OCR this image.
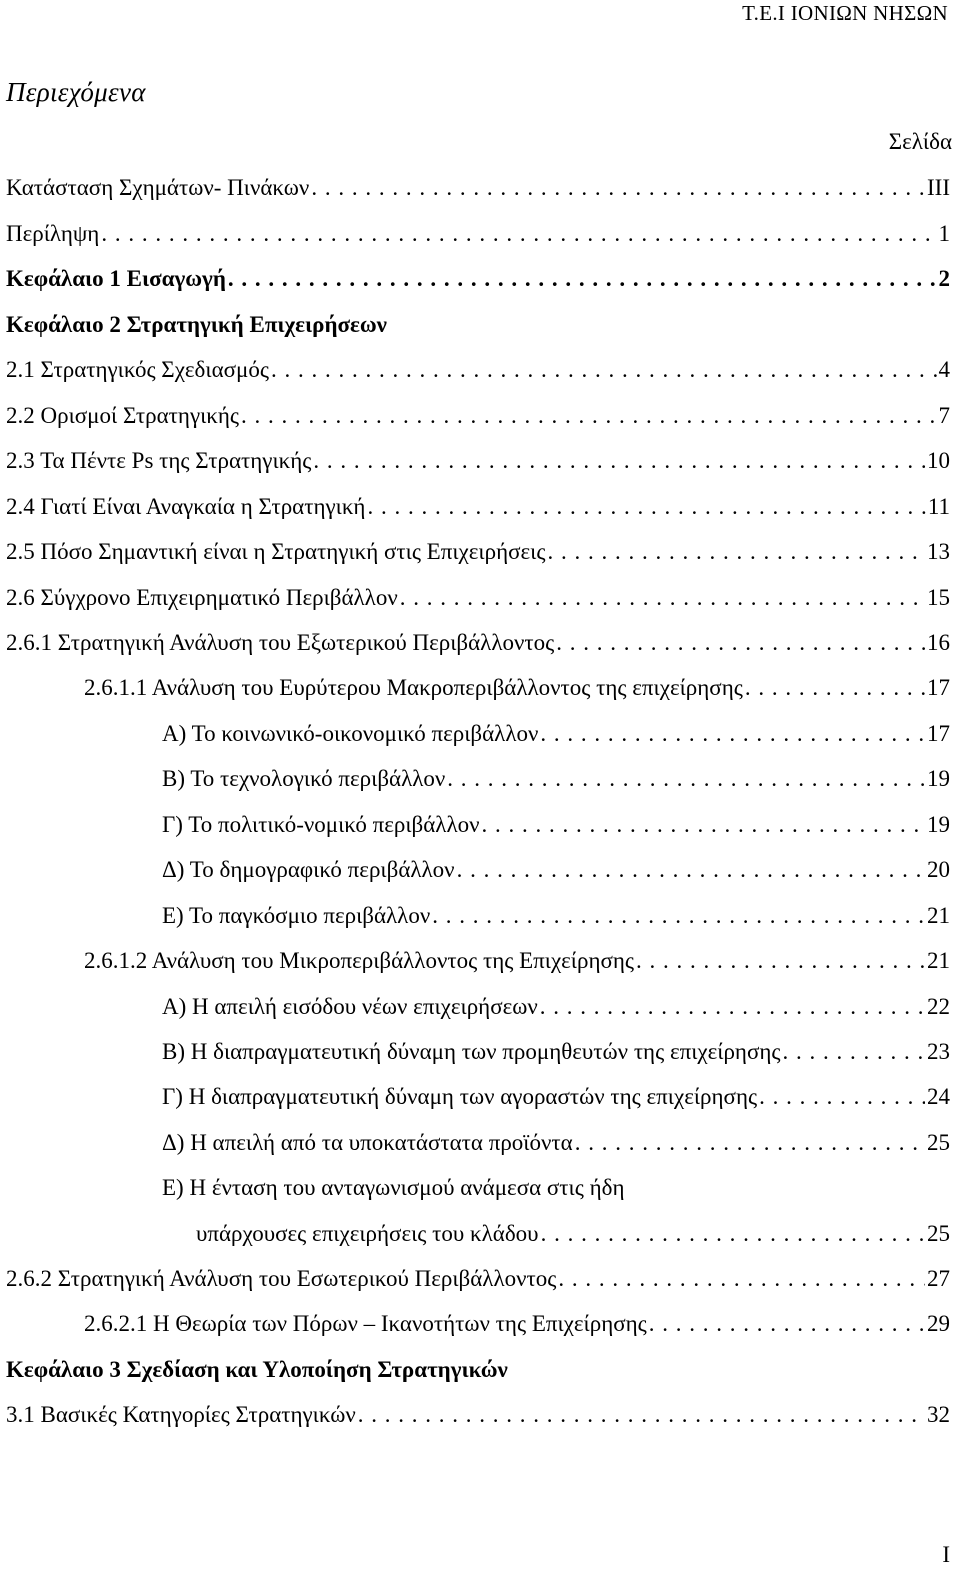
Τ.Ε.Ι ΙΟΝΙΩΝ ΝΗΣΩΝ
Περιεχόμενα
Σελίδα
Κατάσταση Σχημάτων- Πινάκων . . .	III
Περίληψη . . .	1
Κεφάλαιο 1 Εισαγωγή . . .	2
Κεφάλαιο 2 Στρατηγική Επιχειρήσεων
2.1 Στρατηγικός Σχεδιασμός . . .	4
2.2 Ορισμοί Στρατηγικής . . .	7
2.3 Τα Πέντε Ps της Στρατηγικής . . .	10
2.4 Γιατί Είναι Αναγκαία η Στρατηγική . . .	11
2.5 Πόσο Σημαντική είναι η Στρατηγική στις Επιχειρήσεις . . .	13
2.6 Σύγχρονο Επιχειρηματικό Περιβάλλον . . .	15
2.6.1 Στρατηγική Ανάλυση του Εξωτερικού Περιβάλλοντος . . .	16
2.6.1.1 Ανάλυση του Ευρύτερου Μακροπεριβάλλοντος της επιχείρησης . . .	17
Α) Το κοινωνικό-οικονομικό περιβάλλον . . .	17
Β) Το τεχνολογικό περιβάλλον . . .	19
Γ) Το πολιτικό-νομικό περιβάλλον . . .	19
Δ) Το δημογραφικό περιβάλλον . . .	20
Ε) Το παγκόσμιο περιβάλλον . . .	21
2.6.1.2 Ανάλυση του Μικροπεριβάλλοντος της Επιχείρησης . . .	21
Α) Η απειλή εισόδου νέων επιχειρήσεων . . .	22
Β) Η διαπραγματευτική δύναμη των προμηθευτών της επιχείρησης . . .	23
Γ) Η διαπραγματευτική δύναμη των αγοραστών της επιχείρησης . . .	24
Δ) Η απειλή από τα υποκατάστατα προϊόντα . . .	25
Ε) Η ένταση του ανταγωνισμού ανάμεσα στις ήδη
υπάρχουσες επιχειρήσεις του κλάδου . . .	25
2.6.2 Στρατηγική Ανάλυση του Εσωτερικού Περιβάλλοντος . . .	27
2.6.2.1 Η Θεωρία των Πόρων – Ικανοτήτων της Επιχείρησης . . .	29
Κεφάλαιο 3 Σχεδίαση και Υλοποίηση Στρατηγικών
3.1 Βασικές Κατηγορίες Στρατηγικών . . .	32
I
